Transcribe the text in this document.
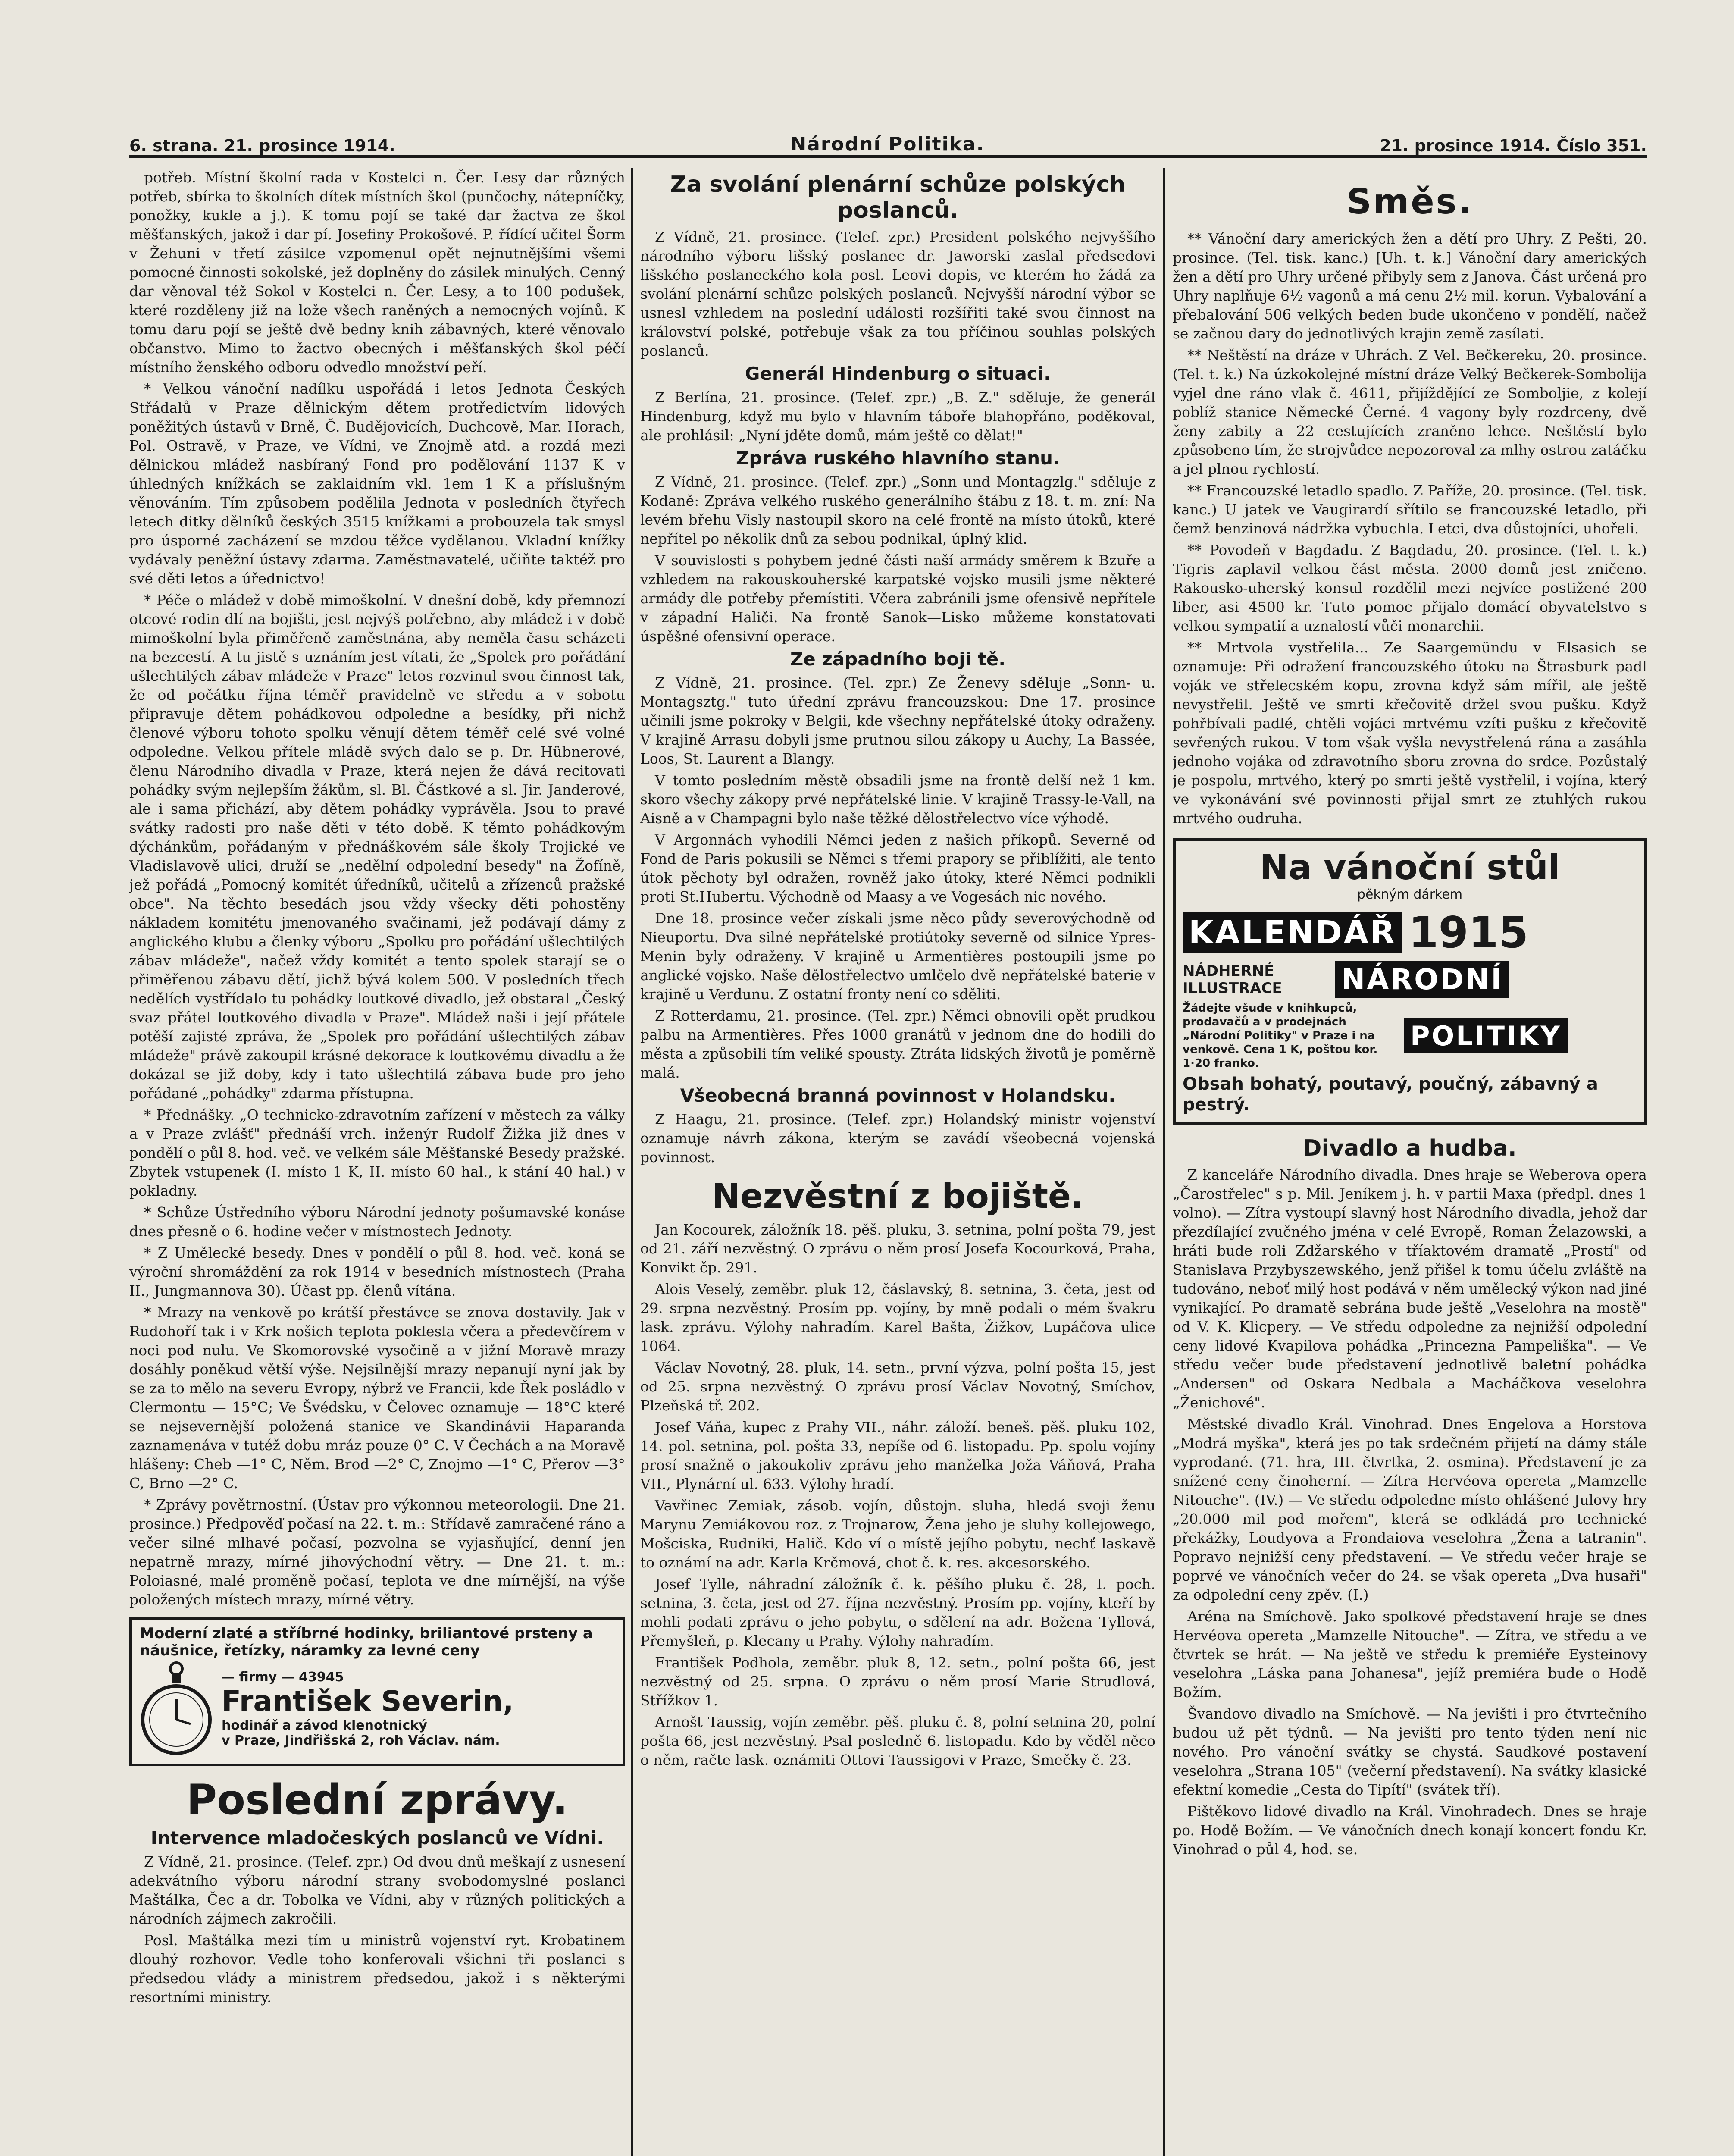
6. strana. 21. prosince 1914.	Národní Politika.	21. prosince 1914. Číslo 351.

potřeb. Místní školní rada v Kostelci n. Čer. Lesy dar různých potřeb, sbírka to školních dítek místních škol (punčochy, nátepníčky, ponožky, kukle a j.). K tomu pojí se také dar žactva ze škol měšťanských, jakož i dar pí. Josefiny Prokošové. P. řídící učitel Šorm v Žehuni v třetí zásilce vzpomenul opět nejnutnějšími všemi pomocné činnosti sokolské, jež doplněny do zásilek minulých. Cenný dar věnoval též Sokol v Kostelci n. Čer. Lesy, a to 100 podušek, které rozděleny již na lože všech raněných a nemocných vojínů. K tomu daru pojí se ještě dvě bedny knih zábavných, které věnovalo občanstvo. Mimo to žactvo obecných i měšťanských škol péčí místního ženského odboru odvedlo množství peří.

* Velkou vánoční nadílku uspořádá i letos Jednota Českých Střádalů v Praze dělnickým dětem protředictvím lidových poněžitých ústavů v Brně, Č. Budějovicích, Duchcově, Mar. Horach, Pol. Ostravě, v Praze, ve Vídni, ve Znojmě atd. a rozdá mezi dělnickou mládež nasbíraný Fond pro podělování 1137 K v úhledných knížkách se zaklaidním vkl. 1em 1 K a příslušným věnováním. Tím způsobem podělila Jednota v posledních čtyřech letech ditky dělníků českých 3515 knížkami a probouzela tak smysl pro úsporné zacházení se mzdou těžce vydělanou. Vkladní knížky vydávaly peněžní ústavy zdarma. Zaměstnavatelé, učiňte taktéž pro své děti letos a úřednictvo!

* Péče o mládež v době mimoškolní. V dnešní době, kdy přemnozí otcové rodin dlí na bojišti, jest nejvýš potřebno, aby mládež i v době mimoškolní byla přiměřeně zaměstnána, aby neměla času scházeti na bezcestí. A tu jistě s uznáním jest vítati, že „Spolek pro pořádání ušlechtilých zábav mládeže v Praze" letos rozvinul svou činnost tak, že od počátku října téměř pravidelně ve středu a v sobotu připravuje dětem pohádkovou odpoledne a besídky, při nichž členové výboru tohoto spolku věnují dětem téměř celé své volné odpoledne. Velkou přítele mládě svých dalo se p. Dr. Hübnerové, členu Národního divadla v Praze, která nejen že dává recitovati pohádky svým nejlepším žákům, sl. Bl. Částkové a sl. Jir. Janderové, ale i sama přichází, aby dětem pohádky vyprávěla. Jsou to pravé svátky radosti pro naše děti v této době. K těmto pohádkovým dýchánkům, pořádaným v přednáškovém sále školy Trojické ve Vladislavově ulici, druží se „nedělní odpolední besedy" na Žofíně, jež pořádá „Pomocný komitét úředníků, učitelů a zřízenců pražské obce". Na těchto besedách jsou vždy všecky děti pohostěny nákladem komitétu jmenovaného svačinami, jež podávají dámy z anglického klubu a členky výboru „Spolku pro pořádání ušlechtilých zábav mládeže", načež vždy komitét a tento spolek starají se o přiměřenou zábavu dětí, jichž bývá kolem 500. V posledních třech nedělích vystřídalo tu pohádky loutkové divadlo, jež obstaral „Český svaz přátel loutkového divadla v Praze". Mládež naši i její přátele potěší zajisté zpráva, že „Spolek pro pořádání ušlechtilých zábav mládeže" právě zakoupil krásné dekorace k loutkovému divadlu a že dokázal se již doby, kdy i tato ušlechtilá zábava bude pro jeho pořádané „pohádky" zdarma přístupna.

* Přednášky. „O technicko-zdravotním zařízení v městech za války a v Praze zvlášť" přednáší vrch. inženýr Rudolf Žižka již dnes v pondělí o půl 8. hod. več. ve velkém sále Měšťanské Besedy pražské. Zbytek vstupenek (I. místo 1 K, II. místo 60 hal., k stání 40 hal.) v pokladny.

* Schůze Ústředního výboru Národní jednoty pošumavské konáse dnes přesně o 6. hodine večer v místnostech Jednoty.

* Z Umělecké besedy. Dnes v pondělí o půl 8. hod. več. koná se výroční shromáždění za rok 1914 v besedních místnostech (Praha II., Jungmannova 30). Účast pp. členů vítána.

* Mrazy na venkově po krátší přestávce se znova dostavily. Jak v Rudohoří tak i v Krk nošich teplota poklesla včera a předevčírem v noci pod nulu. Ve Skomorovské vysočině a v jižní Moravě mrazy dosáhly poněkud větší výše. Nejsilnější mrazy nepanují nyní jak by se za to mělo na severu Evropy, nýbrž ve Francii, kde Řek posládlo v Clermontu — 15°C; Ve Švédsku, v Čelovec oznamuje — 18°C které se nejsevernější položená stanice ve Skandinávii Haparanda zaznamenáva v tutéž dobu mráz pouze 0° C. V Čechách a na Moravě hlášeny: Cheb —1° C, Něm. Brod —2° C, Znojmo —1° C, Přerov —3° C, Brno —2° C.

* Zprávy povětrnostní. (Ústav pro výkonnou meteorologii. Dne 21. prosince.) Předpověď počasí na 22. t. m.: Střídavě zamračené ráno a večer silné mlhavé počasí, pozvolna se vyjasňující, denní jen nepatrně mrazy, mírné jihovýchodní větry. — Dne 21. t. m.: Poloiasné, malé proměně počasí, teplota ve dne mírnější, na výše položených místech mrazy, mírné větry.

Moderní zlaté a stříbrné hodinky, briliantové prsteny a náušnice, řetízky, náramky za levné ceny
— firmy — 43945
František Severin,
hodinář a závod klenotnický
v Praze, Jindřišská 2, roh Václav. nám.
Poslední zprávy.
Intervence mladočeských poslanců ve Vídni.

Z Vídně, 21. prosince. (Telef. zpr.) Od dvou dnů meškají z usnesení adekvátního výboru národní strany svobodomyslné poslanci Maštálka, Čec a dr. Tobolka ve Vídni, aby v různých politických a národních zájmech zakročili.

Posl. Maštálka mezi tím u ministrů vojenství ryt. Krobatinem dlouhý rozhovor. Vedle toho konferovali všichni tři poslanci s předsedou vlády a ministrem předsedou, jakož i s některými resortními ministry.

Za svolání plenární schůze polských poslanců.

Z Vídně, 21. prosince. (Telef. zpr.) President polského nejvyššího národního výboru lišský poslanec dr. Jaworski zaslal předsedovi lišského poslaneckého kola posl. Leovi dopis, ve kterém ho žádá za svolání plenární schůze polských poslanců. Nejvyšší národní výbor se usnesl vzhledem na poslední události rozšířiti také svou činnost na království polské, potřebuje však za tou příčinou souhlas polských poslanců.

Generál Hindenburg o situaci.

Z Berlína, 21. prosince. (Telef. zpr.) „B. Z." sděluje, že generál Hindenburg, když mu bylo v hlavním táboře blahopřáno, poděkoval, ale prohlásil: „Nyní jděte domů, mám ještě co dělat!"

Zpráva ruského hlavního stanu.

Z Vídně, 21. prosince. (Telef. zpr.) „Sonn und Montagzlg." sděluje z Kodaně: Zpráva velkého ruského generálního štábu z 18. t. m. zní: Na levém břehu Visly nastoupil skoro na celé frontě na místo útoků, které nepřítel po několik dnů za sebou podnikal, úplný klid.

V souvislosti s pohybem jedné části naší armády směrem k Bzuře a vzhledem na rakouskouherské karpatské vojsko musili jsme některé armády dle potřeby přemístiti. Včera zabránili jsme ofensivě nepřítele v západní Haliči. Na frontě Sanok—Lisko můžeme konstatovati úspěšné ofensivní operace.

Ze západního boji tě.

Z Vídně, 21. prosince. (Tel. zpr.) Ze Ženevy sděluje „Sonn- u. Montagsztg." tuto úřední zprávu francouzskou: Dne 17. prosince učinili jsme pokroky v Belgii, kde všechny nepřátelské útoky odraženy. V krajině Arrasu dobyli jsme prutnou silou zákopy u Auchy, La Bassée, Loos, St. Laurent a Blangy.

V tomto posledním městě obsadili jsme na frontě delší než 1 km. skoro všechy zákopy prvé nepřátelské linie. V krajině Trassy-le-Vall, na Aisně a v Champagni bylo naše těžké dělostřelectvo více výhodě.

V Argonnách vyhodili Němci jeden z našich příkopů. Severně od Fond de Paris pokusili se Němci s třemi prapory se přiblížiti, ale tento útok pěchoty byl odražen, rovněž jako útoky, které Němci podnikli proti St.Hubertu. Východně od Maasy a ve Vogesách nic nového.

Dne 18. prosince večer získali jsme něco půdy severovýchodně od Nieuportu. Dva silné nepřátelské protiútoky severně od silnice Ypres-Menin byly odraženy. V krajině u Armentières postoupili jsme po anglické vojsko. Naše dělostřelectvo umlčelo dvě nepřátelské baterie v krajině u Verdunu. Z ostatní fronty není co sděliti.

Z Rotterdamu, 21. prosince. (Tel. zpr.) Němci obnovili opět prudkou palbu na Armentières. Přes 1000 granátů v jednom dne do hodili do města a způsobili tím veliké spousty. Ztráta lidských životů je poměrně malá.

Všeobecná branná povinnost v Holandsku.

Z Haagu, 21. prosince. (Telef. zpr.) Holandský ministr vojenství oznamuje návrh zákona, kterým se zavádí všeobecná vojenská povinnost.

Nezvěstní z bojiště.

Jan Kocourek, záložník 18. pěš. pluku, 3. setnina, polní pošta 79, jest od 21. září nezvěstný. O zprávu o něm prosí Josefa Kocourková, Praha, Konvikt čp. 291.

Alois Veselý, zeměbr. pluk 12, čáslavský, 8. setnina, 3. četa, jest od 29. srpna nezvěstný. Prosím pp. vojíny, by mně podali o mém švakru lask. zprávu. Výlohy nahradím. Karel Bašta, Žižkov, Lupáčova ulice 1064.

Václav Novotný, 28. pluk, 14. setn., první výzva, polní pošta 15, jest od 25. srpna nezvěstný. O zprávu prosí Václav Novotný, Smíchov, Plzeňská tř. 202.

Josef Váňa, kupec z Prahy VII., náhr. záloží. beneš. pěš. pluku 102, 14. pol. setnina, pol. pošta 33, nepíše od 6. listopadu. Pp. spolu vojíny prosí snažně o jakoukoliv zprávu jeho manželka Joža Váňová, Praha VII., Plynární ul. 633. Výlohy hradí.

Vavřinec Zemiak, zásob. vojín, důstojn. sluha, hledá svoji ženu Marynu Zemiákovou roz. z Trojnarow, Žena jeho je sluhy kollejowego, Mošciska, Rudniki, Halič. Kdo ví o místě jejího pobytu, nechť laskavě to oznámí na adr. Karla Krčmová, chot č. k. res. akcesorského.

Josef Tylle, náhradní záložník č. k. pěšího pluku č. 28, I. poch. setnina, 3. četa, jest od 27. října nezvěstný. Prosím pp. vojíny, kteří by mohli podati zprávu o jeho pobytu, o sdělení na adr. Božena Tyllová, Přemyšleň, p. Klecany u Prahy. Výlohy nahradím.

František Podhola, zeměbr. pluk 8, 12. setn., polní pošta 66, jest nezvěstný od 25. srpna. O zprávu o něm prosí Marie Strudlová, Střížkov 1.

Arnošt Taussig, vojín zeměbr. pěš. pluku č. 8, polní setnina 20, polní pošta 66, jest nezvěstný. Psal posledně 6. listopadu. Kdo by věděl něco o něm, račte lask. oznámiti Ottovi Taussigovi v Praze, Smečky č. 23.

Směs.

** Vánoční dary amerických žen a dětí pro Uhry. Z Pešti, 20. prosince. (Tel. tisk. kanc.) [Uh. t. k.] Vánoční dary amerických žen a dětí pro Uhry určené přibyly sem z Janova. Část určená pro Uhry naplňuje 6½ vagonů a má cenu 2½ mil. korun. Vybalování a přebalování 506 velkých beden bude ukončeno v pondělí, načež se začnou dary do jednotlivých krajin země zasílati.

** Neštěstí na dráze v Uhrách. Z Vel. Bečkereku, 20. prosince. (Tel. t. k.) Na úzkokolejné místní dráze Velký Bečkerek-Sombolija vyjel dne ráno vlak č. 4611, přijíždějící ze Somboljie, z kolejí poblíž stanice Německé Černé. 4 vagony byly rozdrceny, dvě ženy zabity a 22 cestujících zraněno lehce. Neštěstí bylo způsobeno tím, že strojvůdce nepozoroval za mlhy ostrou zatáčku a jel plnou rychlostí.

** Francouzské letadlo spadlo. Z Paříže, 20. prosince. (Tel. tisk. kanc.) U jatek ve Vaugirardí sřítilo se francouzské letadlo, při čemž benzinová nádržka vybuchla. Letci, dva důstojníci, uhořeli.

** Povodeň v Bagdadu. Z Bagdadu, 20. prosince. (Tel. t. k.) Tigris zaplavil velkou část města. 2000 domů jest zničeno. Rakousko-uherský konsul rozdělil mezi nejvíce postižené 200 liber, asi 4500 kr. Tuto pomoc přijalo domácí obyvatelstvo s velkou sympatií a uznalostí vůči monarchii.

** Mrtvola vystřelila... Ze Saargemündu v Elsasich se oznamuje: Při odražení francouzského útoku na Štrasburk padl voják ve střelecském kopu, zrovna když sám mířil, ale ještě nevystřelil. Ještě ve smrti křečovitě držel svou pušku. Když pohřbívali padlé, chtěli vojáci mrtvému vzíti pušku z křečovitě sevřených rukou. V tom však vyšla nevystřelená rána a zasáhla jednoho vojáka od zdravotního sboru zrovna do srdce. Pozůstalý je pospolu, mrtvého, který po smrti ještě vystřelil, i vojína, který ve vykonávání své povinnosti přijal smrt ze ztuhlých rukou mrtvého oudruha.

Na vánoční stůl
pěkným dárkem
KALENDÁŘ 1915
NÁDHERNÉ ILLUSTRACE	NÁRODNÍ
Žádejte všude v knihkupců, prodavačů a v prodejnách „Národní Politiky" v Praze i na venkově. Cena 1 K, poštou kor. 1·20 franko.
POLITIKY
Obsah bohatý, poutavý, poučný, zábavný a pestrý.
Divadlo a hudba.

Z kanceláře Národního divadla. Dnes hraje se Weberova opera „Čarostřelec" s p. Mil. Jeníkem j. h. v partii Maxa (předpl. dnes 1 volno). — Zítra vystoupí slavný host Národního divadla, jehož dar přezdílající zvučného jména v celé Evropě, Roman Żelazowski, a hráti bude roli Zdžarského v tříaktovém dramatě „Prostí" od Stanislava Przybyszewského, jenž přišel k tomu účelu zvláště na tudováno, neboť milý host podává v něm umělecký výkon nad jiné vynikající. Po dramatě sebrána bude ještě „Veselohra na mostě" od V. K. Klicpery. — Ve středu odpoledne za nejnižší odpolední ceny lidové Kvapilova pohádka „Princezna Pampeliška". — Ve středu večer bude představení jednotlivě baletní pohádka „Andersen" od Oskara Nedbala a Macháčkova veselohra „Ženichové".

Městské divadlo Král. Vinohrad. Dnes Engelova a Horstova „Modrá myška", která jes po tak srdečném přijetí na dámy stále vyprodané. (71. hra, III. čtvrtka, 2. osmina). Představení je za snížené ceny činoherní. — Zítra Hervéova opereta „Mamzelle Nitouche". (IV.) — Ve středu odpoledne místo ohlášené Julovy hry „20.000 mil pod mořem", která se odkládá pro technické překážky, Loudyova a Frondaiova veselohra „Žena a tatranin". Popravo nejnižší ceny představení. — Ve středu večer hraje se poprvé ve vánočních večer do 24. se však opereta „Dva husaři" za odpolední ceny zpěv. (I.)

Aréna na Smíchově. Jako spolkové představení hraje se dnes Hervéova opereta „Mamzelle Nitouche". — Zítra, ve středu a ve čtvrtek se hrát. — Na ještě ve středu k premiéře Eysteinovy veselohra „Láska pana Johanesa", jejíž premiéra bude o Hodě Božím.

Švandovo divadlo na Smíchově. — Na jevišti i pro čtvrtečního budou už pět týdnů. — Na jevišti pro tento týden není nic nového. Pro vánoční svátky se chystá. Saudkové postavení veselohra „Strana 105" (večerní představení). Na svátky klasické efektní komedie „Cesta do Tipítí" (svátek tří).

Pištěkovo lidové divadlo na Král. Vinohradech. Dnes se hraje po. Hodě Božím. — Ve vánočních dnech konají koncert fondu Kr. Vinohrad o půl 4, hod. se.
